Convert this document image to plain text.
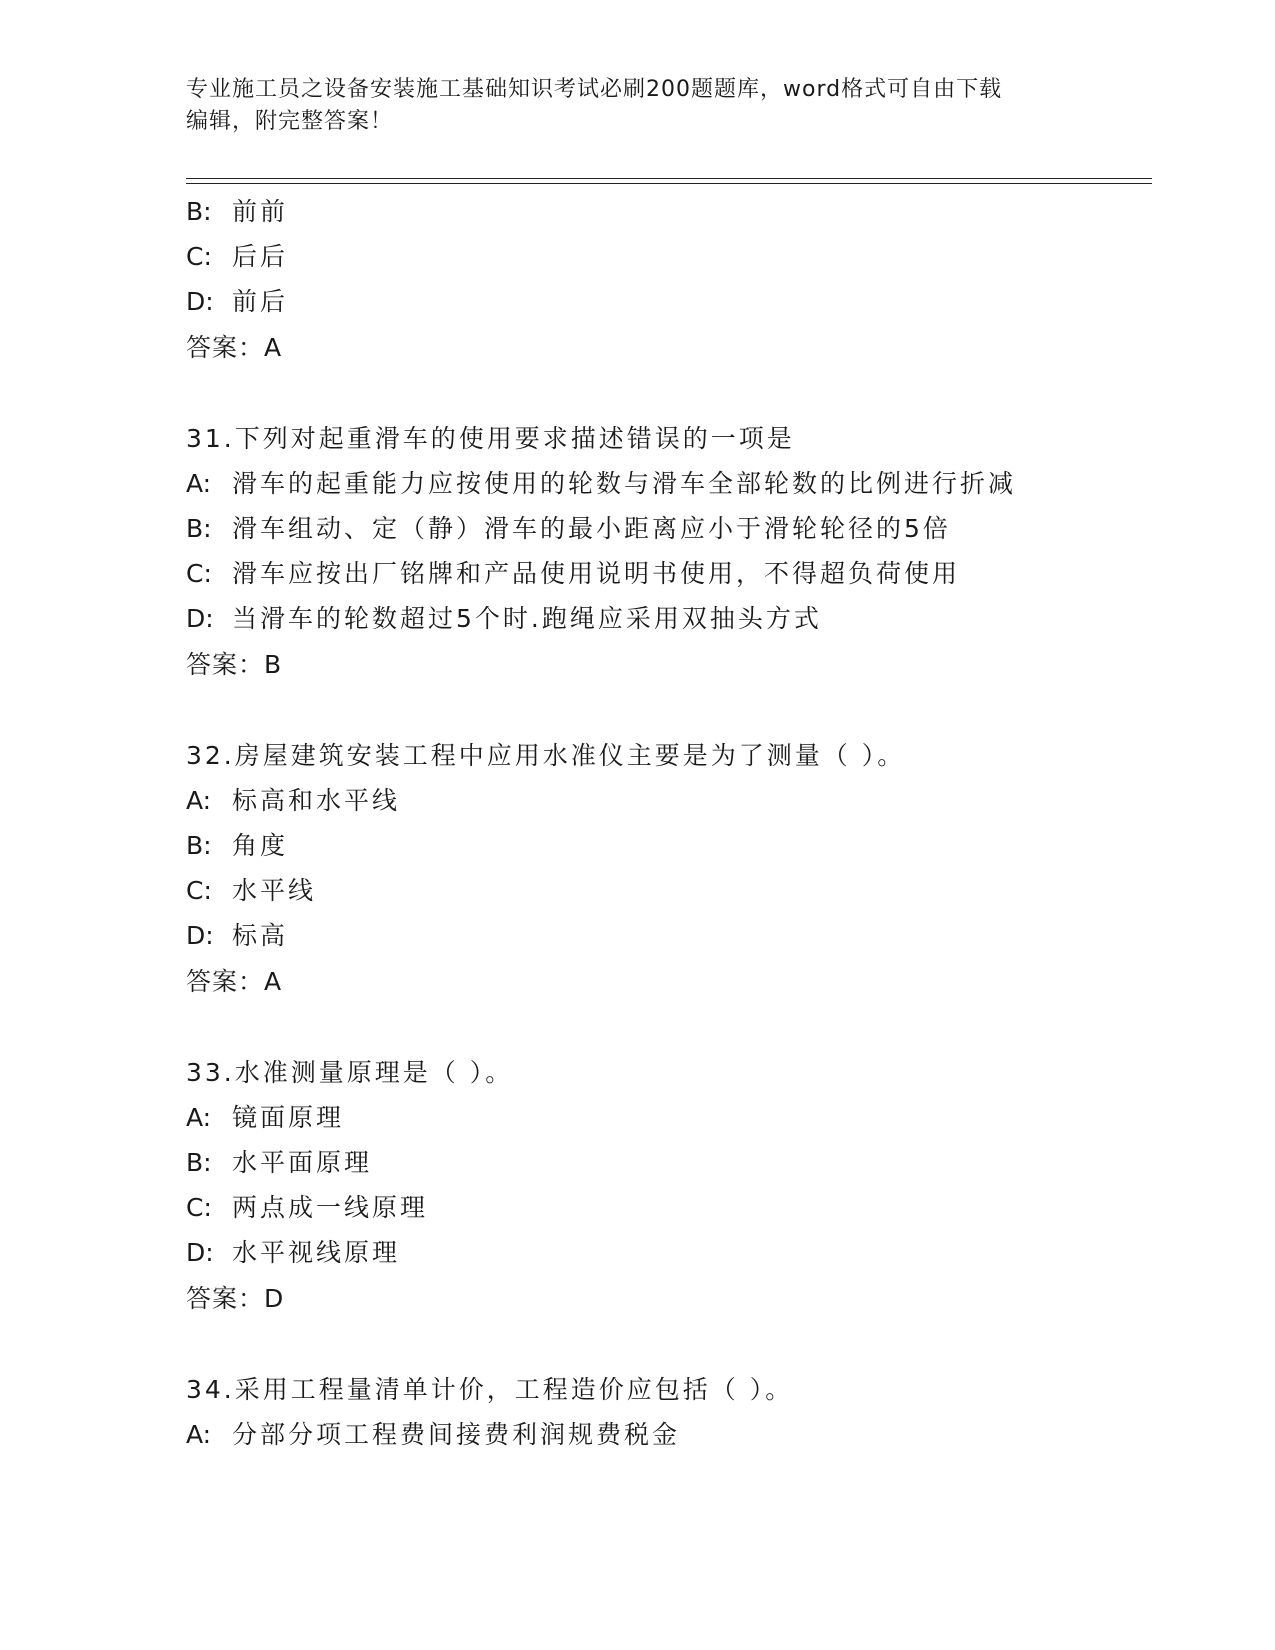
专业施工员之设备安装施工基础知识考试必刷200题题库，word格式可自由下载
编辑，附完整答案！
B: 前前
C: 后后
D: 前后
答案：A
31.下列对起重滑车的使用要求描述错误的一项是
A: 滑车的起重能力应按使用的轮数与滑车全部轮数的比例进行折减
B: 滑车组动、定（静）滑车的最小距离应小于滑轮轮径的5倍
C: 滑车应按出厂铭牌和产品使用说明书使用，不得超负荷使用
D: 当滑车的轮数超过5个时.跑绳应采用双抽头方式
答案：B
32.房屋建筑安装工程中应用水准仪主要是为了测量（ ）。
A: 标高和水平线
B: 角度
C: 水平线
D: 标高
答案：A
33.水准测量原理是（ ）。
A: 镜面原理
B: 水平面原理
C: 两点成一线原理
D: 水平视线原理
答案：D
34.采用工程量清单计价，工程造价应包括（ ）。
A: 分部分项工程费间接费利润规费税金
